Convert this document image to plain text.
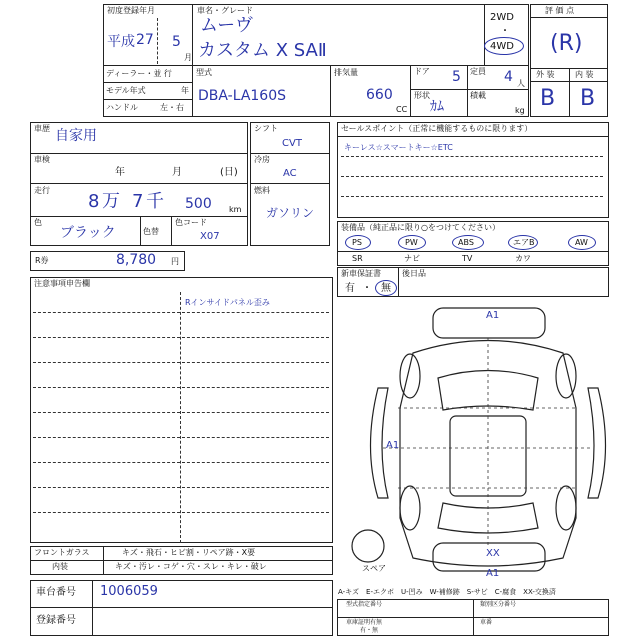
初度登録年月
平成 27 5
月
車名・グレード
ムーヴ
カスタム X SAⅡ
2WD
・
4WD
ディーラー・並 行
モデル年式	年
ハンドル	左・右
型式
DBA-LA160S
排気量
660
CC
ドア 5
形状
ｶﾑ
定員 4 人
積載
kg
評 価 点
(R)
外 装	内 装
B B
車歴 自家用
車検
年	月	(日)
走行
8 万 7 千 500 km
色
ブラック	色替
色コード
X07
シフト
CVT
冷房
AC
燃料
ガソリン
セールスポイント（正常に機能するものに限ります）
キーレス☆スマートキー☆ETC
装備品（純正品に限り○をつけてください）
PS	PW	ABS	エアB	AW
SR	ナビ	TV	カワ
新車保証書
有 ・ 無
後日品
R券	8,780 円
注意事項申告欄
Rインサイドパネル歪み
フロントガラス	キズ・飛石・ヒビ割・リペア跡・X要
内装	キズ・汚レ・コゲ・穴・スレ・キレ・破レ
車台番号 1006059
登録番号
A1
A1
XX
A1
スペア
A-キズ　E-エクボ　U-凹み　W-補修跡　S-サビ　C-腐食　XX-交換済
型式指定番号	類別区分番号
車庫証明有無
有・無
車番
